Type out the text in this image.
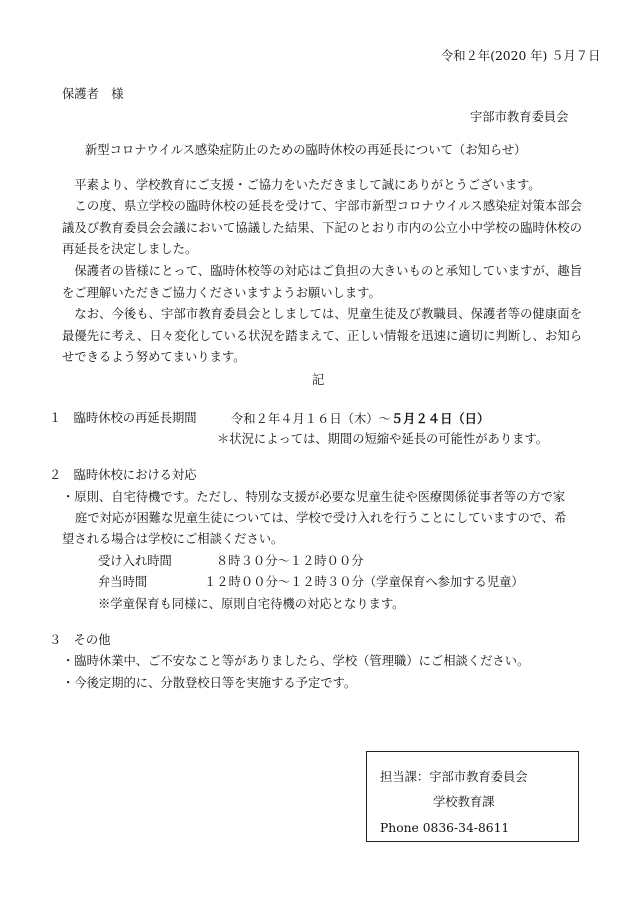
令和２年(2020 年) ５月７日
保護者　様
宇部市教育委員会
新型コロナウイルス感染症防止のための臨時休校の再延長について（お知らせ）
　平素より、学校教育にご支援・ご協力をいただきまして誠にありがとうございます。
　この度、県立学校の臨時休校の延長を受けて、宇部市新型コロナウイルス感染症対策本部会議及び教育委員会会議において協議した結果、下記のとおり市内の公立小中学校の臨時休校の再延長を決定しました。
　保護者の皆様にとって、臨時休校等の対応はご負担の大きいものと承知していますが、趣旨をご理解いただきご協力くださいますようお願いします。
　なお、今後も、宇部市教育委員会としましては、児童生徒及び教職員、保護者等の健康面を最優先に考え、日々変化している状況を踏まえて、正しい情報を迅速に適切に判断し、お知らせできるよう努めてまいります。
記
１　臨時休校の再延長期間	令和２年４月１６日（木）～５月２４日（日）
＊状況によっては、期間の短縮や延長の可能性があります。
２　臨時休校における対応
・原則、自宅待機です。ただし、特別な支援が必要な児童生徒や医療関係従事者等の方で家
庭で対応が困難な児童生徒については、学校で受け入れを行うことにしていますので、希
望される場合は学校にご相談ください。
受け入れ時間	８時３０分～１２時００分
弁当時間	１２時００分～１２時３０分（学童保育へ参加する児童）
※学童保育も同様に、原則自宅待機の対応となります。
３　その他
・臨時休業中、ご不安なこと等がありましたら、学校（管理職）にご相談ください。
・今後定期的に、分散登校日等を実施する予定です。
担当課：宇部市教育委員会
学校教育課
Phone 0836-34-8611
